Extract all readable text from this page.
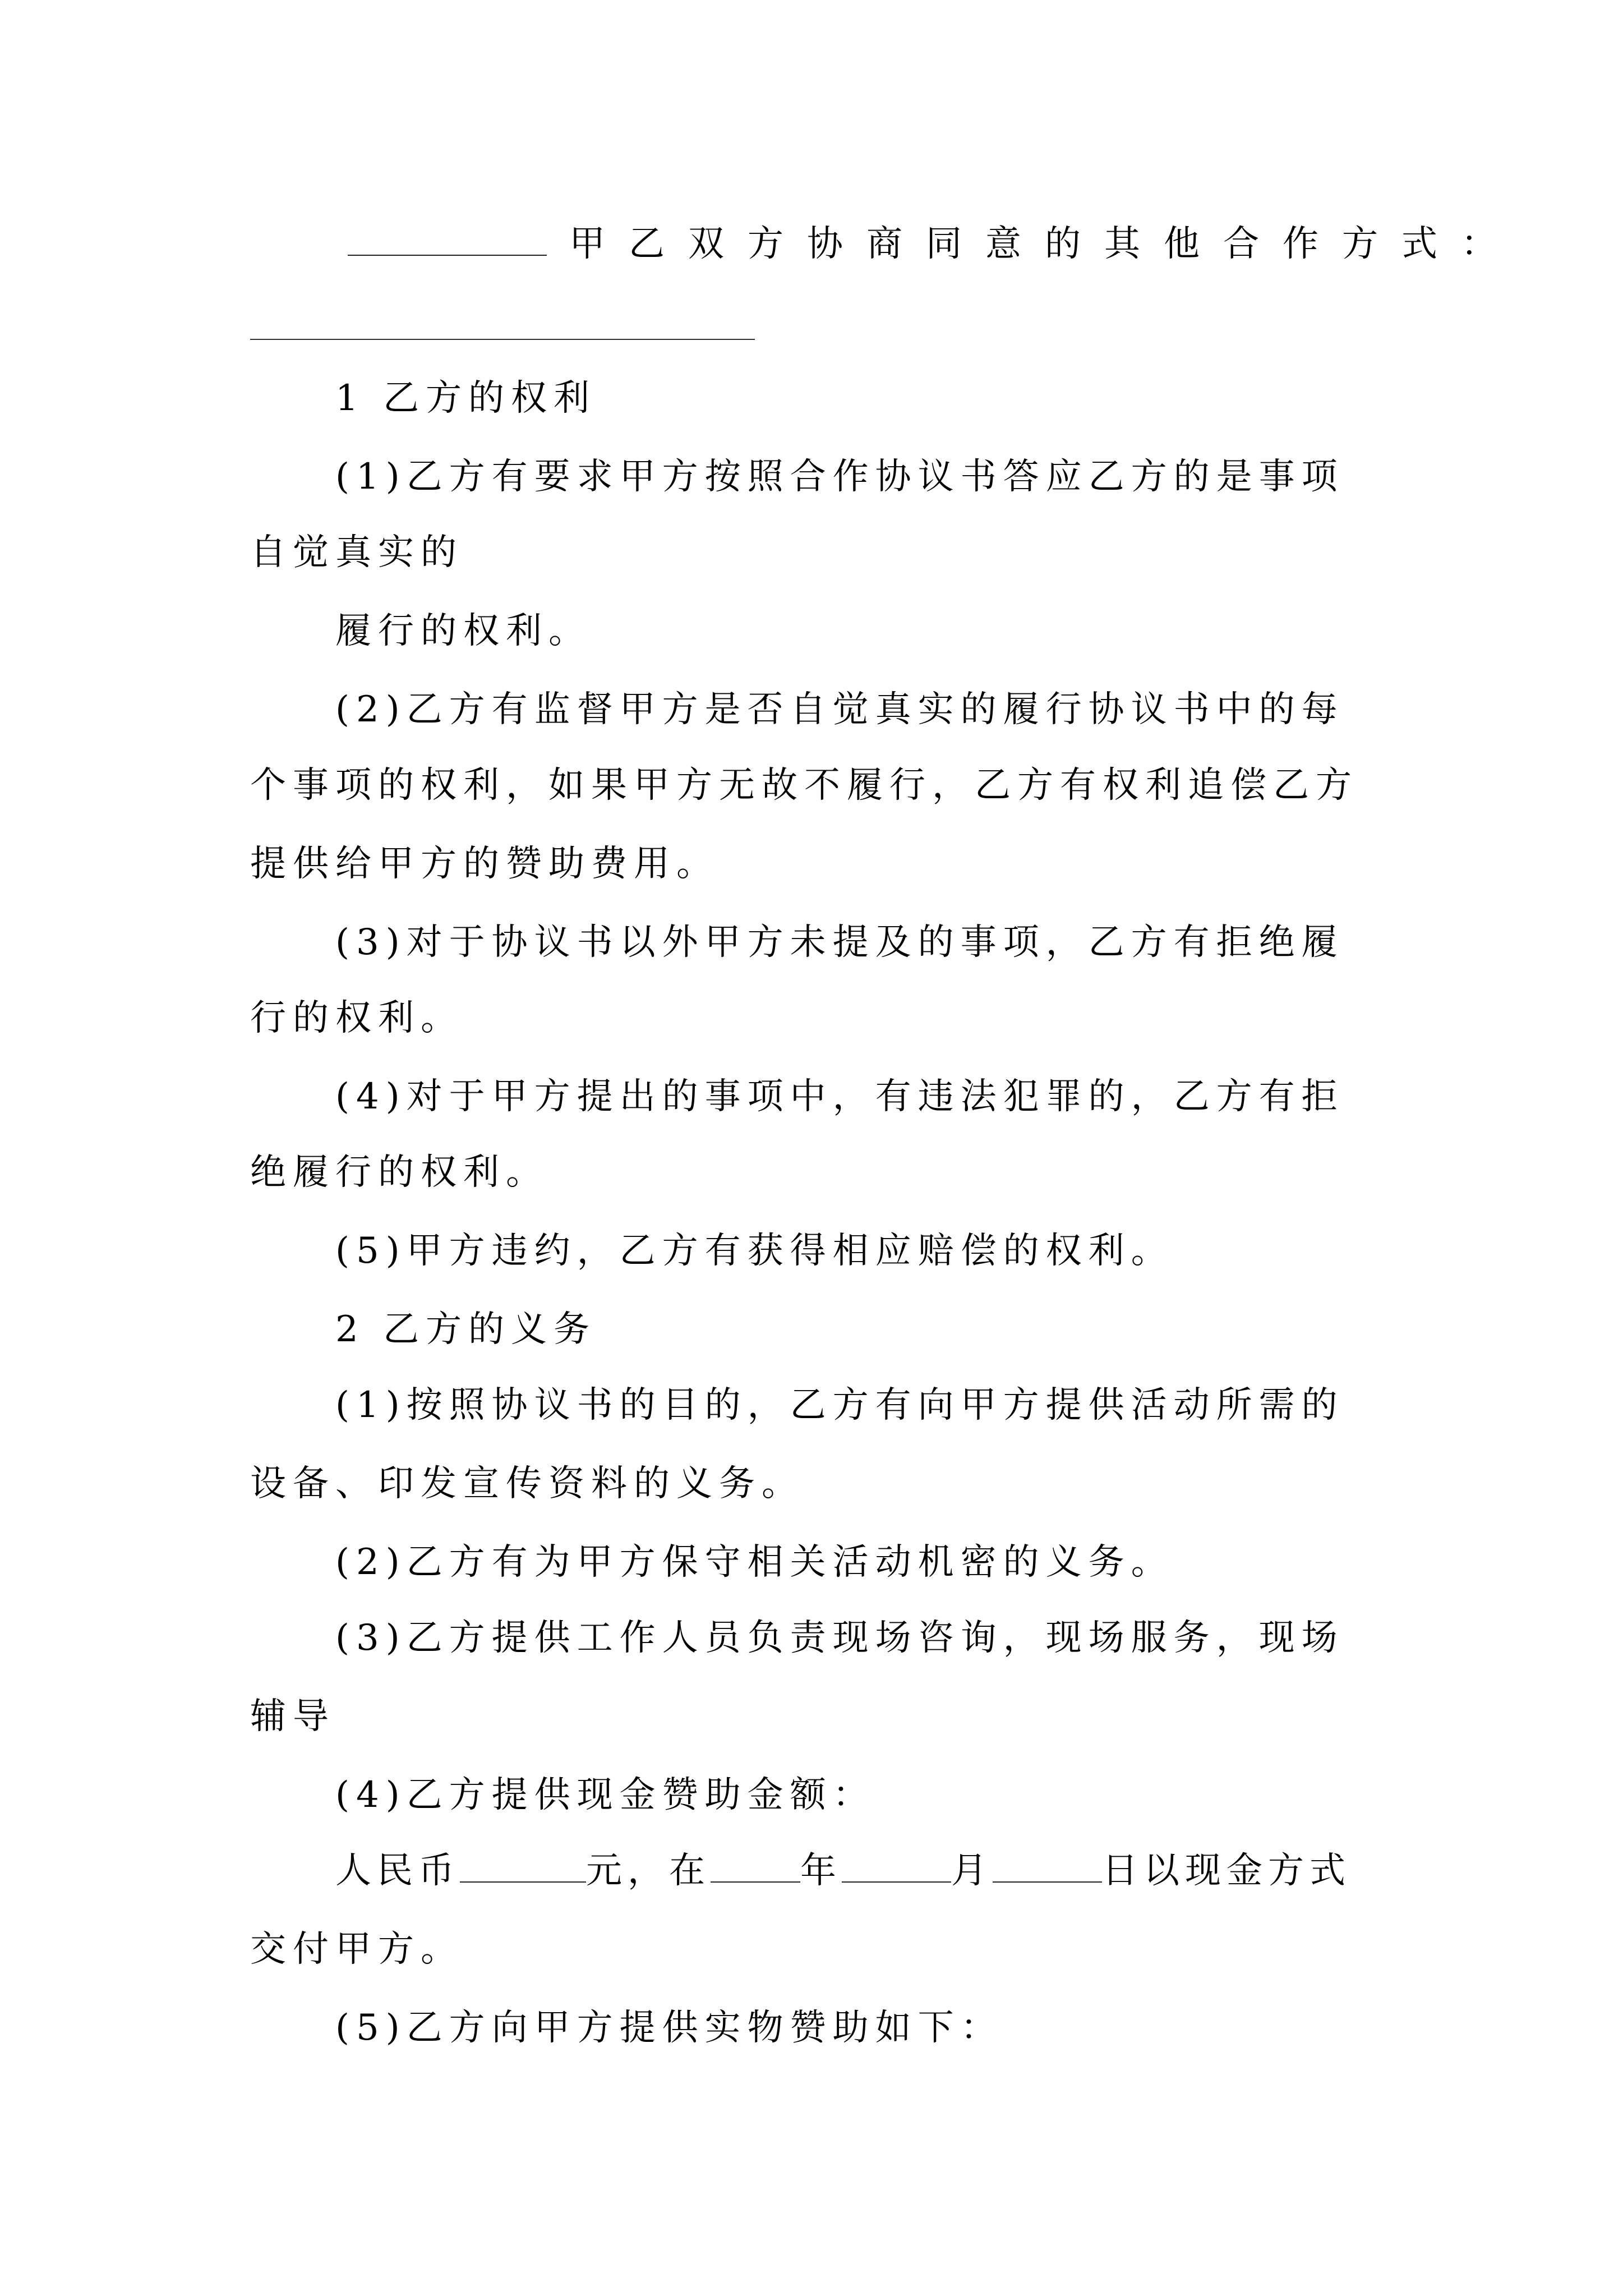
甲乙双方协商同意的其他合作方式：
1 乙方的权利
(1)乙方有要求甲方按照合作协议书答应乙方的是事项
自觉真实的
履行的权利。
(2)乙方有监督甲方是否自觉真实的履行协议书中的每
个事项的权利，如果甲方无故不履行，乙方有权利追偿乙方
提供给甲方的赞助费用。
(3)对于协议书以外甲方未提及的事项，乙方有拒绝履
行的权利。
(4)对于甲方提出的事项中，有违法犯罪的，乙方有拒
绝履行的权利。
(5)甲方违约，乙方有获得相应赔偿的权利。
2 乙方的义务
(1)按照协议书的目的，乙方有向甲方提供活动所需的
设备、印发宣传资料的义务。
(2)乙方有为甲方保守相关活动机密的义务。
(3)乙方提供工作人员负责现场咨询，现场服务，现场
辅导
(4)乙方提供现金赞助金额：
人民币	元，在	年	月	日以现金方式
交付甲方。
(5)乙方向甲方提供实物赞助如下：
